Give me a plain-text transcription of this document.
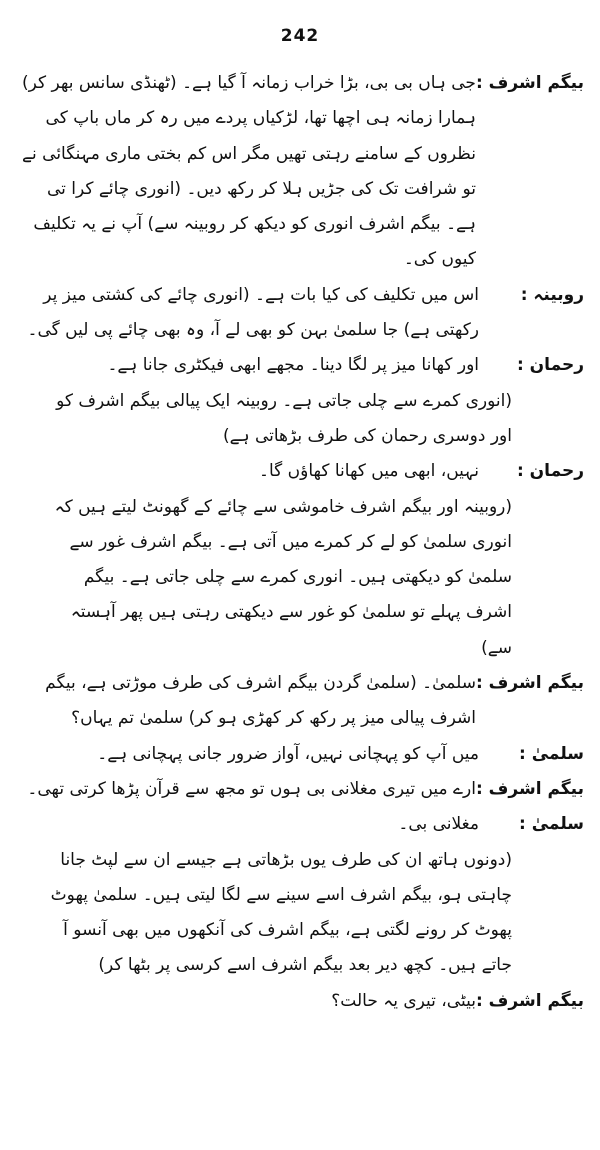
242
بیگم اشرف :
جی ہاں بی بی، بڑا خراب زمانہ آ گیا ہے۔ (ٹھنڈی سانس بھر کر) ہمارا زمانہ ہی اچھا تھا، لڑکیاں پردے میں رہ کر ماں باپ کی نظروں کے سامنے رہتی تھیں مگر اس کم بختی ماری مہنگائی نے تو شرافت تک کی جڑیں ہلا کر رکھ دیں۔ (انوری چائے کرا تی ہے۔ بیگم اشرف انوری کو دیکھ کر روبینہ سے) آپ نے یہ تکلیف کیوں کی۔
روبینہ :
اس میں تکلیف کی کیا بات ہے۔ (انوری چائے کی کشتی میز پر رکھتی ہے) جا سلمیٰ بہن کو بھی لے آ، وہ بھی چائے پی لیں گی۔
رحمان :
اور کھانا میز پر لگا دینا۔ مجھے ابھی فیکٹری جانا ہے۔
(انوری کمرے سے چلی جاتی ہے۔ روبینہ ایک پیالی بیگم اشرف کو اور دوسری رحمان کی طرف بڑھاتی ہے)
رحمان :
نہیں، ابھی میں کھانا کھاؤں گا۔
(روبینہ اور بیگم اشرف خاموشی سے چائے کے گھونٹ لیتے ہیں کہ انوری سلمیٰ کو لے کر کمرے میں آتی ہے۔ بیگم اشرف غور سے سلمیٰ کو دیکھتی ہیں۔ انوری کمرے سے چلی جاتی ہے۔ بیگم اشرف پہلے تو سلمیٰ کو غور سے دیکھتی رہتی ہیں پھر آہستہ سے)
بیگم اشرف :
سلمیٰ۔ (سلمیٰ گردن بیگم اشرف کی طرف موڑتی ہے، بیگم اشرف پیالی میز پر رکھ کر کھڑی ہو کر) سلمیٰ تم یہاں؟
سلمیٰ :
میں آپ کو پہچانی نہیں، آواز ضرور جانی پہچانی ہے۔
بیگم اشرف :
ارے میں تیری مغلانی بی ہوں تو مجھ سے قرآن پڑھا کرتی تھی۔
سلمیٰ :
مغلانی بی۔
(دونوں ہاتھ ان کی طرف یوں بڑھاتی ہے جیسے ان سے لپٹ جانا چاہتی ہو، بیگم اشرف اسے سینے سے لگا لیتی ہیں۔ سلمیٰ پھوٹ پھوٹ کر رونے لگتی ہے، بیگم اشرف کی آنکھوں میں بھی آنسو آ جاتے ہیں۔ کچھ دیر بعد بیگم اشرف اسے کرسی پر بٹھا کر)
بیگم اشرف :
بیٹی، تیری یہ حالت؟
